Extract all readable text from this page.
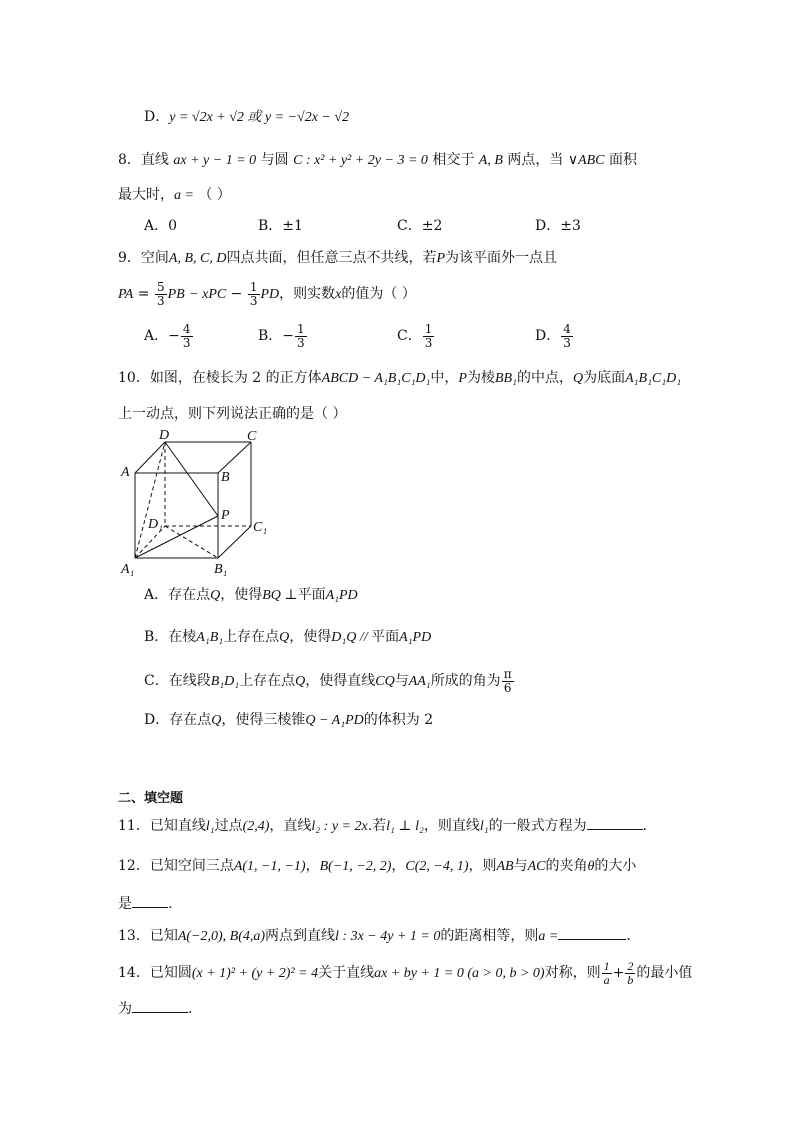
D．y = √2x + √2 或 y = −√2x − √2
8．直线 ax + y − 1 = 0 与圆 C : x² + y² + 2y − 3 = 0 相交于 A, B 两点，当 ∨ABC 面积
最大时，a = （ ）
A．0	B．±1	C．±2	D．±3
9．空间A, B, C, D四点共面，但任意三点不共线，若P为该平面外一点且
PA = $\frac{5}{3}$ PB − xPC − $\frac{1}{3}$ PD，则实数x的值为（ ）
A．− $\frac{4}{3}$	B．− $\frac{1}{3}$	C． $\frac{1}{3}$	D． $\frac{4}{3}$
10．如图，在棱长为 2 的正方体ABCD − A₁B₁C₁D₁中，P为棱BB₁的中点，Q为底面A₁B₁C₁D₁
上一动点，则下列说法正确的是（ ）
D	C
A	B
D₁
P
C₁
A₁	B₁
A．存在点Q，使得BQ ⊥平面A₁PD
B．在棱A₁B₁上存在点Q，使得D₁Q // 平面A₁PD
C．在线段B₁D₁上存在点Q，使得直线CQ与AA₁所成的角为 $\frac{\pi}{6}$
D．存在点Q，使得三棱锥Q − A₁PD的体积为 2
二、填空题
11．已知直线l₁过点(2,4)，直线l₂ : y = 2x.若l₁ ⊥ l₂，则直线l₁的一般式方程为	.
12．已知空间三点A(1, −1, −1)，B(−1, −2, 2)，C(2, −4, 1)，则AB与AC的夹角θ的大小
是	.
13．已知A(−2,0), B(4,a)两点到直线l : 3x − 4y + 1 = 0的距离相等，则a =	.
14．已知圆(x + 1)² + (y + 2)² = 4关于直线ax + by + 1 = 0 (a > 0, b > 0)对称，则 $\frac{1}{a} + \frac{2}{b}$ 的最小值
为	.
